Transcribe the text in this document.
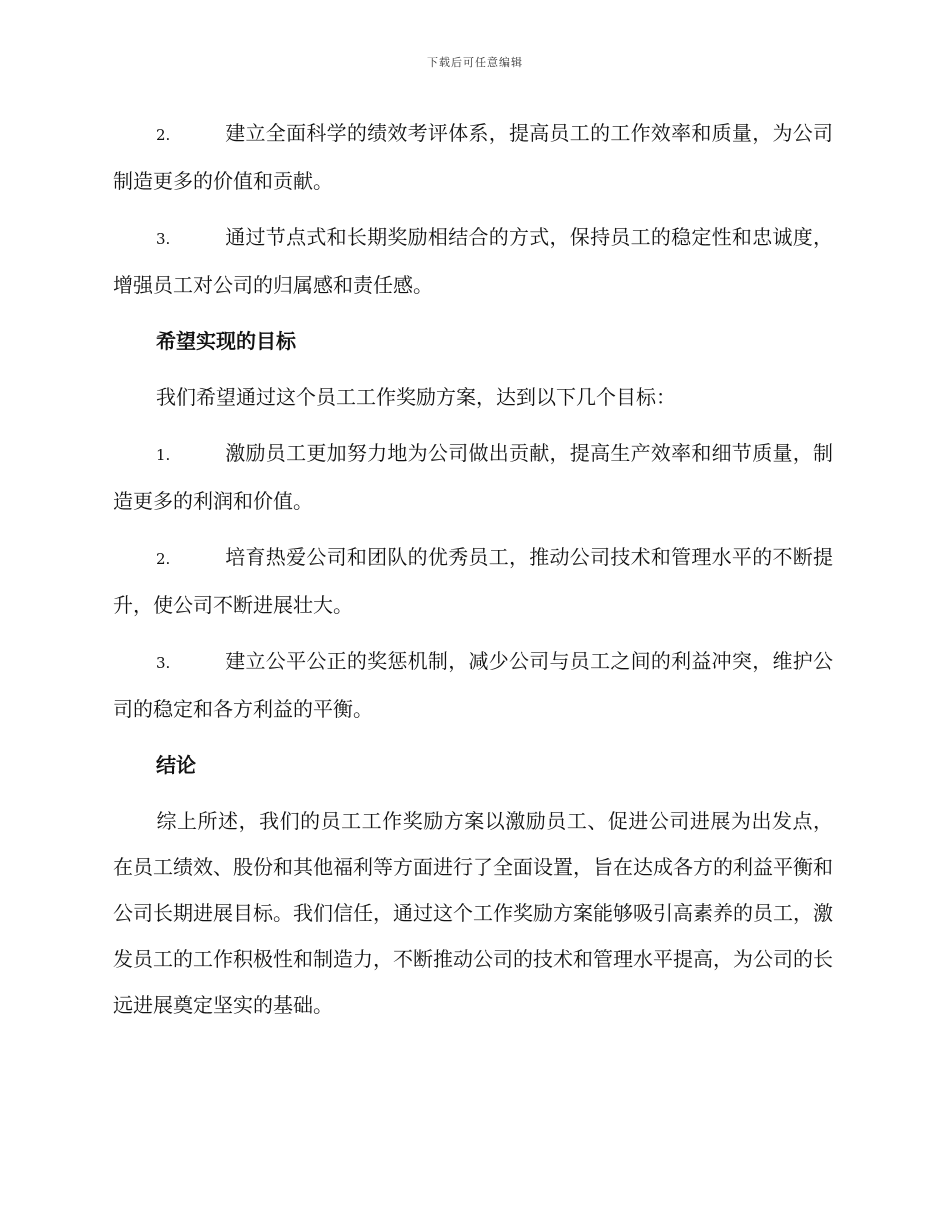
下载后可任意编辑

2.	建立全面科学的绩效考评体系，提高员工的工作效率和质量，为公司制造更多的价值和贡献。

3.	通过节点式和长期奖励相结合的方式，保持员工的稳定性和忠诚度，增强员工对公司的归属感和责任感。

希望实现的目标

我们希望通过这个员工工作奖励方案，达到以下几个目标：

1.	激励员工更加努力地为公司做出贡献，提高生产效率和细节质量，制造更多的利润和价值。

2.	培育热爱公司和团队的优秀员工，推动公司技术和管理水平的不断提升，使公司不断进展壮大。

3.	建立公平公正的奖惩机制，减少公司与员工之间的利益冲突，维护公司的稳定和各方利益的平衡。

结论

综上所述，我们的员工工作奖励方案以激励员工、促进公司进展为出发点，在员工绩效、股份和其他福利等方面进行了全面设置，旨在达成各方的利益平衡和公司长期进展目标。我们信任，通过这个工作奖励方案能够吸引高素养的员工，激发员工的工作积极性和制造力，不断推动公司的技术和管理水平提高，为公司的长远进展奠定坚实的基础。
